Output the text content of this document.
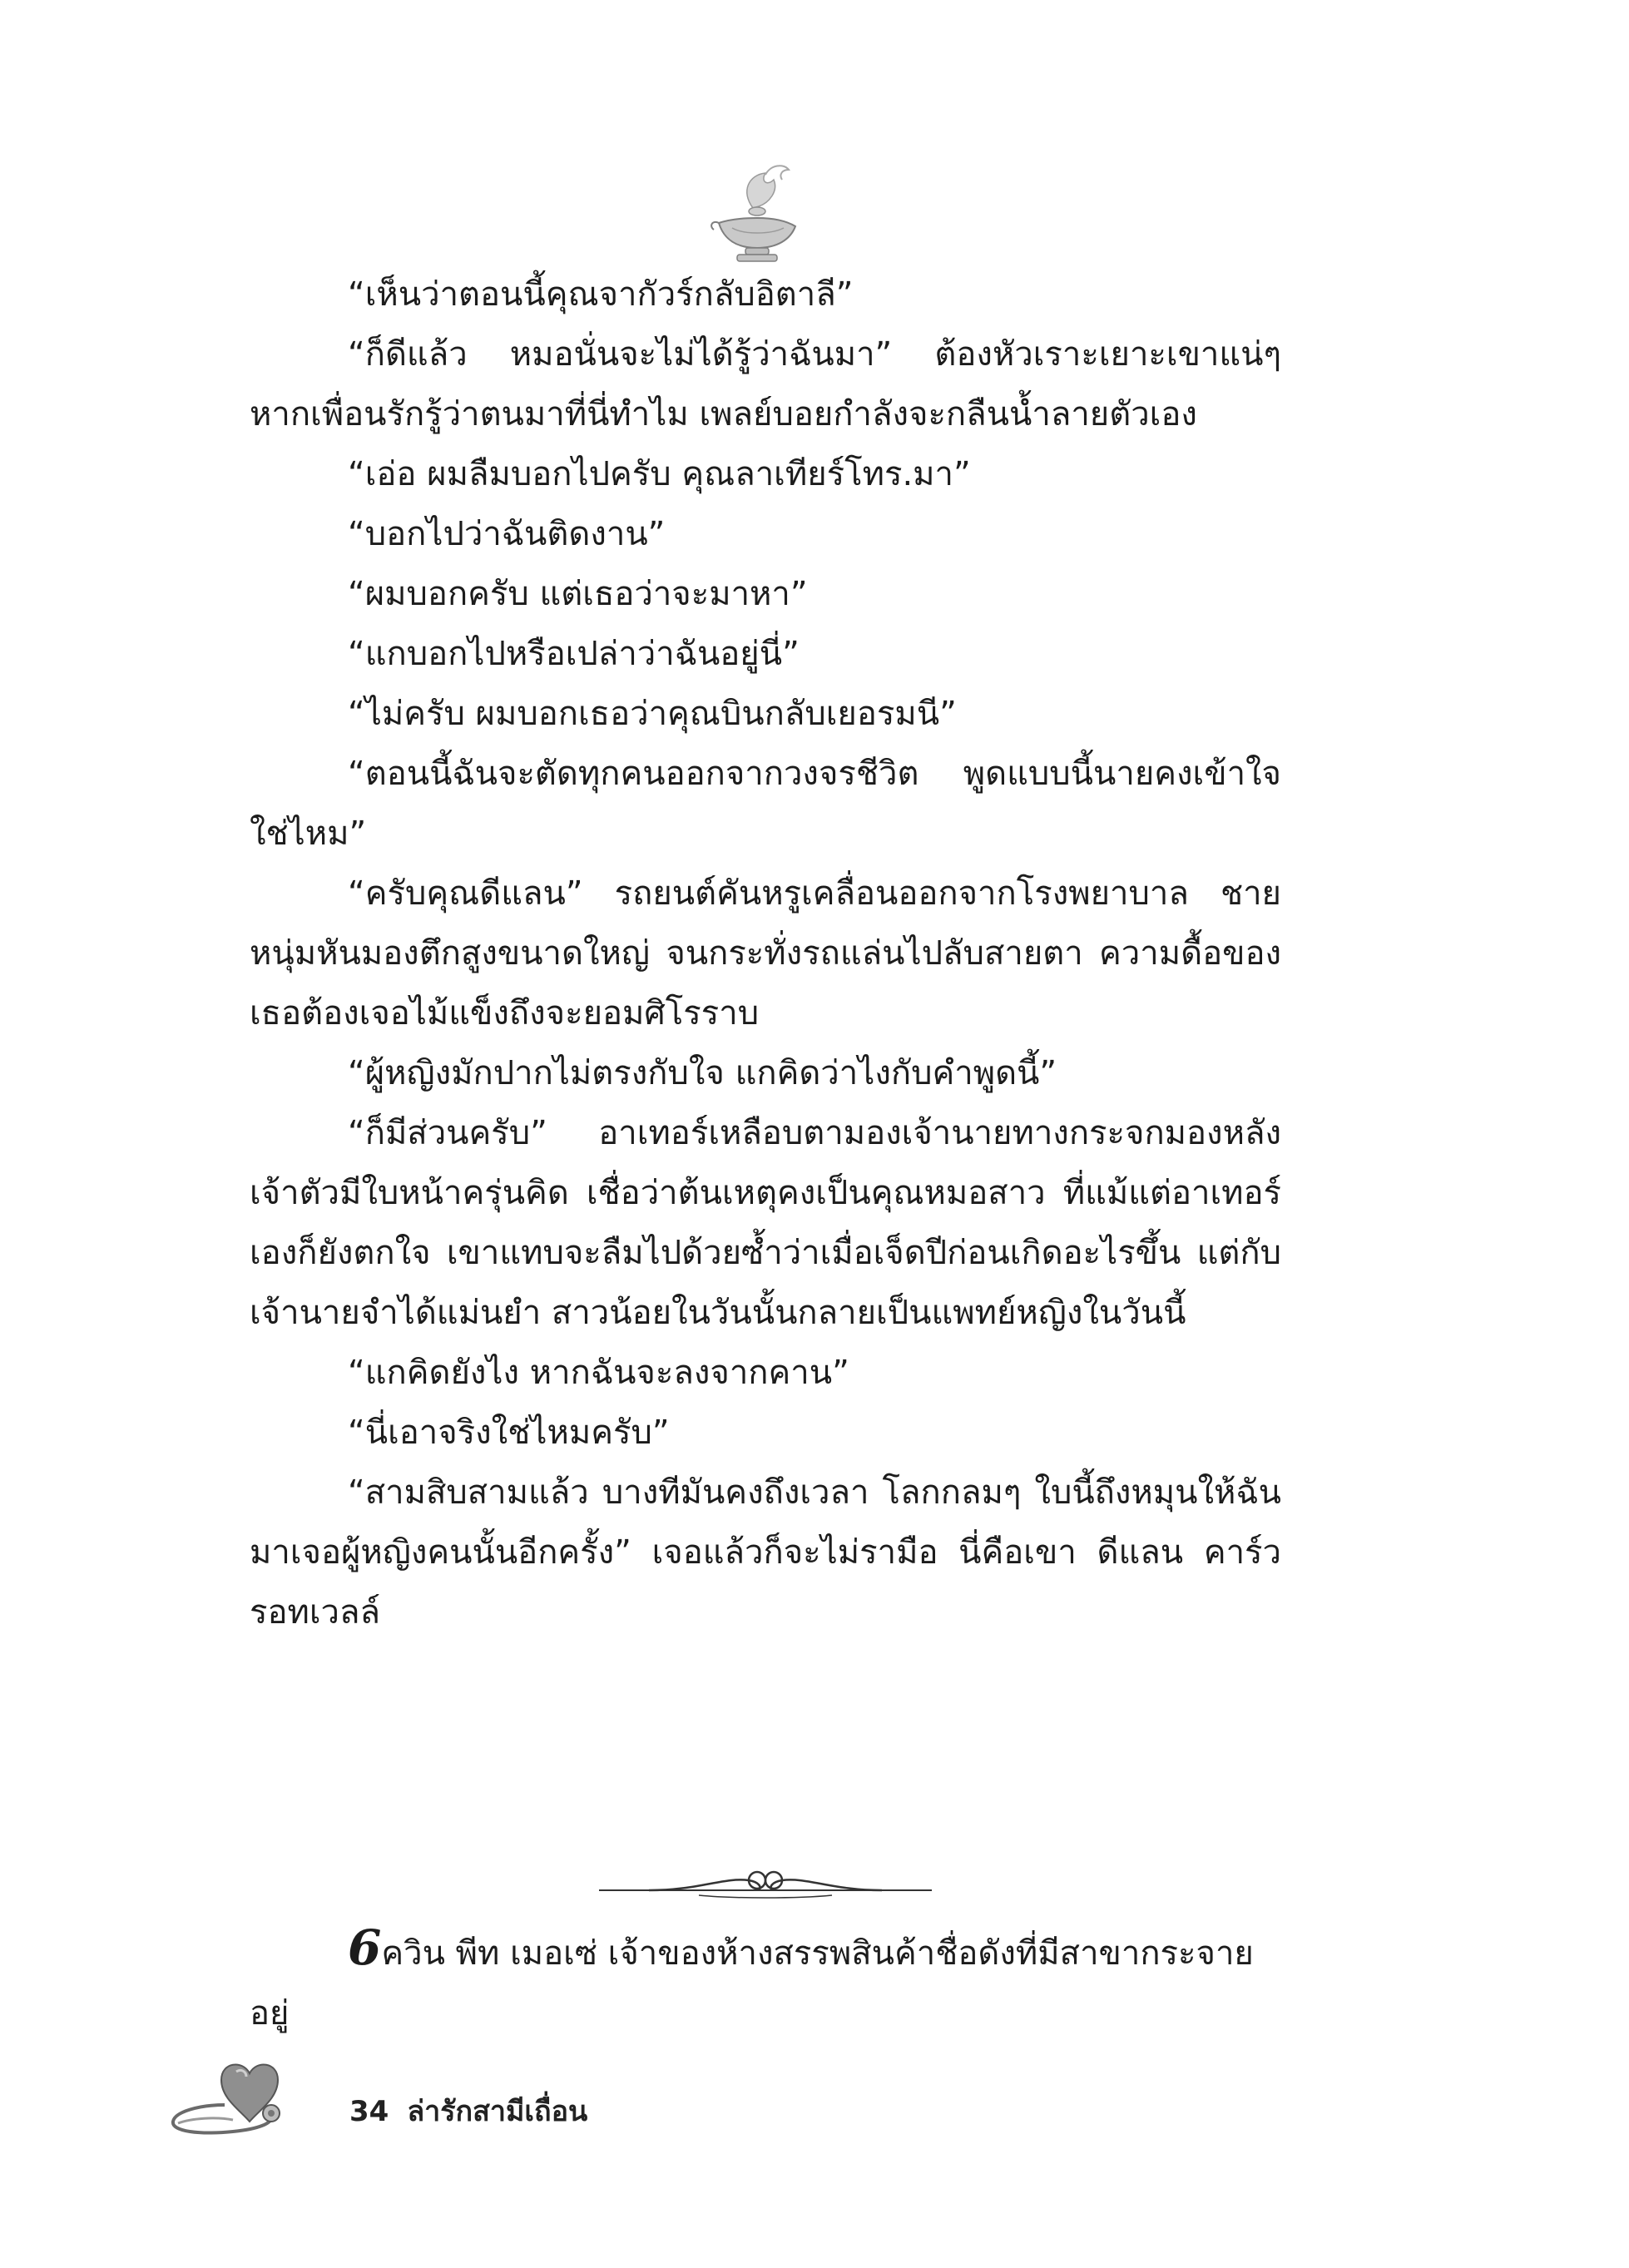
“เห็นว่าตอนนี้คุณจากัวร์กลับอิตาลี”

“ก็ดีแล้ว หมอนั่นจะไม่ได้รู้ว่าฉันมา” ต้องหัวเราะเยาะเขาแน่ๆ หากเพื่อนรักรู้ว่าตนมาที่นี่ทำไม เพลย์บอยกำลังจะกลืนน้ำลายตัวเอง

“เอ่อ ผมลืมบอกไปครับ คุณลาเทียร์โทร.มา”

“บอกไปว่าฉันติดงาน”

“ผมบอกครับ แต่เธอว่าจะมาหา”

“แกบอกไปหรือเปล่าว่าฉันอยู่นี่”

“ไม่ครับ ผมบอกเธอว่าคุณบินกลับเยอรมนี”

“ตอนนี้ฉันจะตัดทุกคนออกจากวงจรชีวิต พูดแบบนี้นายคงเข้าใจใช่ไหม”

“ครับคุณดีแลน” รถยนต์คันหรูเคลื่อนออกจากโรงพยาบาล ชายหนุ่มหันมองตึกสูงขนาดใหญ่ จนกระทั่งรถแล่นไปลับสายตา ความดื้อของเธอต้องเจอไม้แข็งถึงจะยอมศิโรราบ

“ผู้หญิงมักปากไม่ตรงกับใจ แกคิดว่าไงกับคำพูดนี้”

“ก็มีส่วนครับ” อาเทอร์เหลือบตามองเจ้านายทางกระจกมองหลัง เจ้าตัวมีใบหน้าครุ่นคิด เชื่อว่าต้นเหตุคงเป็นคุณหมอสาว ที่แม้แต่อาเทอร์เองก็ยังตกใจ เขาแทบจะลืมไปด้วยซ้ำว่าเมื่อเจ็ดปีก่อนเกิดอะไรขึ้น แต่กับเจ้านายจำได้แม่นยำ สาวน้อยในวันนั้นกลายเป็นแพทย์หญิงในวันนี้

“แกคิดยังไง หากฉันจะลงจากคาน”

“นี่เอาจริงใช่ไหมครับ”

“สามสิบสามแล้ว บางทีมันคงถึงเวลา โลกกลมๆ ใบนี้ถึงหมุนให้ฉันมาเจอผู้หญิงคนนั้นอีกครั้ง” เจอแล้วก็จะไม่รามือ นี่คือเขา ดีแลน คาร์ว รอทเวลล์

6ควิน พีท เมอเซ่ เจ้าของห้างสรรพสินค้าชื่อดังที่มีสาขากระจายอยู่

34 ล่ารักสามีเถื่อน
